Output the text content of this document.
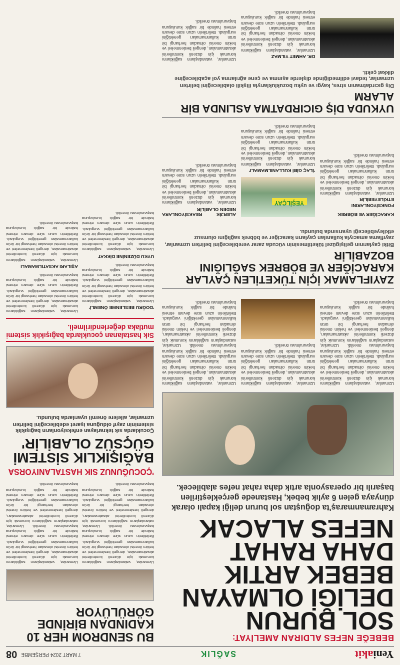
Yeniakit
SAĞLIK
7 MART 2024 PERŞEMBE
08
BEBEĞE NEFES ALDIRAN AMELİYAT:
SOL BURUN DELİĞİ OLMAYAN BEBEK ARTIK DAHA RAHAT NEFES ALACAK
Kahramanmaraş'ta doğuştan sol burun deliği kapalı olarak dünyaya gelen 6 aylık bebek, Hastanede gerçekleştirilen başarılı bir operasyonla artık daha rahat nefes alabilecek.
Uzmanlar, vatandaşların sağlıklarını korumak için düzenli kontrollerini aksatmamaları, dengeli beslenmeleri ve hekim önerisi olmadan herhangi bir ürün kullanmamaları gerektiğini vurguladı. Belirtilerin uzun süre devam etmesi halinde bir sağlık kuruluşuna başvurulması önerildi. Uzmanlar, vatandaşların sağlıklarını korumak için düzenli kontrollerini aksatmamaları, dengeli beslenmeleri ve hekim önerisi olmadan herhangi bir ürün kullanmamaları gerektiğini vurguladı. Belirtilerin uzun süre devam etmesi halinde bir sağlık kuruluşuna başvurulması önerildi.
Uzmanlar, vatandaşların sağlıklarını korumak için düzenli kontrollerini aksatmamaları, dengeli beslenmeleri ve hekim önerisi olmadan herhangi bir ürün kullanmamaları gerektiğini vurguladı. Belirtilerin uzun süre devam etmesi halinde bir sağlık kuruluşuna başvurulması önerildi.
Uzmanlar, vatandaşların sağlıklarını korumak için düzenli kontrollerini aksatmamaları, dengeli beslenmeleri ve hekim önerisi olmadan herhangi bir ürün kullanmamaları gerektiğini vurguladı. Belirtilerin uzun süre devam etmesi halinde bir sağlık kuruluşuna başvurulması önerildi. Uzmanlar, vatandaşların sağlıklarını korumak için düzenli kontrollerini aksatmamaları, dengeli beslenmeleri ve hekim önerisi olmadan herhangi bir ürün kullanmamaları gerektiğini vurguladı. Belirtilerin uzun süre devam etmesi halinde bir sağlık kuruluşuna başvurulması önerildi.
ZAYIFLAMAK İÇİN TÜKETİLEN ÇAYLAR KARACİĞER VE BÖBREK SAĞLIĞINI BOZABİLİR
Bitki çaylarının gelişigüzel tüketilmesinin vücuda zarar verebileceğini belirten uzmanlar, zayıflama amacıyla kullanılan çayların karaciğer ve böbrek sağlığını olumsuz etkileyebileceği uyarısında bulundu.
KARACİĞER VE BÖBREK
FONKSİYONLARINI ETKİLEYEBİLİR
Uzmanlar, vatandaşların sağlıklarını korumak için düzenli kontrollerini aksatmamaları, dengeli beslenmeleri ve hekim önerisi olmadan herhangi bir ürün kullanmamaları gerektiğini vurguladı. Belirtilerin uzun süre devam etmesi halinde bir sağlık kuruluşuna başvurulması önerildi.
YEŞİLÇAY
'İLAÇ GİBİ KULLANILMAMALI'
Uzmanlar, vatandaşların sağlıklarını korumak için düzenli kontrollerini aksatmamaları, dengeli beslenmeleri ve hekim önerisi olmadan herhangi bir ürün kullanmamaları gerektiğini vurguladı. Belirtilerin uzun süre devam etmesi halinde bir sağlık kuruluşuna başvurulması önerildi.
ALERJİK REAKSİYONLARA NEDEN OLABİLİR
Uzmanlar, vatandaşların sağlıklarını korumak için düzenli kontrollerini aksatmamaları, dengeli beslenmeleri ve hekim önerisi olmadan herhangi bir ürün kullanmamaları gerektiğini vurguladı. Belirtilerin uzun süre devam etmesi halinde bir sağlık kuruluşuna başvurulması önerildi.
UYKUDA DİŞ GICIRDATMA ASLINDA BİR ALARM
Diş gıcırdatmanın stres, kaygı ve uyku bozukluklarıyla ilişkili olabileceğini belirten uzmanlar, tedavi edilmediğinde dişlerde aşınma ve çene ağrılarına yol açabileceğine dikkat çekti.
DR. AHMET YILMAZ
Uzmanlar, vatandaşların sağlıklarını korumak için düzenli kontrollerini aksatmamaları, dengeli beslenmeleri ve hekim önerisi olmadan herhangi bir ürün kullanmamaları gerektiğini vurguladı. Belirtilerin uzun süre devam etmesi halinde bir sağlık kuruluşuna başvurulması önerildi.
Uzmanlar, vatandaşların sağlıklarını korumak için düzenli kontrollerini aksatmamaları, dengeli beslenmeleri ve hekim önerisi olmadan herhangi bir ürün kullanmamaları gerektiğini vurguladı. Belirtilerin uzun süre devam etmesi halinde bir sağlık kuruluşuna başvurulması önerildi.
BU SENDROM HER 10 KADINDAN BİRİNDE GÖRÜLÜYOR
Uzmanlar, vatandaşların sağlıklarını korumak için düzenli kontrollerini aksatmamaları, dengeli beslenmeleri ve hekim önerisi olmadan herhangi bir ürün kullanmamaları gerektiğini vurguladı. Belirtilerin uzun süre devam etmesi halinde bir sağlık kuruluşuna başvurulması önerildi. Uzmanlar, vatandaşların sağlıklarını korumak için düzenli kontrollerini aksatmamaları, dengeli beslenmeleri ve hekim önerisi olmadan herhangi bir ürün kullanmamaları gerektiğini vurguladı. Belirtilerin uzun süre devam etmesi halinde bir sağlık kuruluşuna başvurulması önerildi.
Uzmanlar, vatandaşların sağlıklarını korumak için düzenli kontrollerini aksatmamaları, dengeli beslenmeleri ve hekim önerisi olmadan herhangi bir ürün kullanmamaları gerektiğini vurguladı. Belirtilerin uzun süre devam etmesi halinde bir sağlık kuruluşuna başvurulması önerildi. Uzmanlar, vatandaşların sağlıklarını korumak için düzenli kontrollerini aksatmamaları, dengeli beslenmeleri ve hekim önerisi olmadan herhangi bir ürün kullanmamaları gerektiğini vurguladı. Belirtilerin uzun süre devam etmesi halinde bir sağlık kuruluşuna başvurulması önerildi.
'ÇOCUĞUNUZ SIK HASTALANIYORSA
BAĞIŞIKLIK SİSTEMİ GÜÇSÜZ OLABİLİR'
Çocuklarda sık tekrarlayan enfeksiyonların bağışıklık sisteminin zayıf olduğuna işaret edebileceğini belirten uzmanlar, ailelere önemli uyarılarda bulundu.
Sık hastalanan çocuklarda bağışıklık sistemi mutlaka değerlendirilmeli.
'DOĞRU BESLENME ÖNEMLİ'
Uzmanlar, vatandaşların sağlıklarını korumak için düzenli kontrollerini aksatmamaları, dengeli beslenmeleri ve hekim önerisi olmadan herhangi bir ürün kullanmamaları gerektiğini vurguladı. Belirtilerin uzun süre devam etmesi halinde bir sağlık kuruluşuna başvurulması önerildi.
UYKU DÜZENİNE DİKKAT
Uzmanlar, vatandaşların sağlıklarını korumak için düzenli kontrollerini aksatmamaları, dengeli beslenmeleri ve hekim önerisi olmadan herhangi bir ürün kullanmamaları gerektiğini vurguladı. Belirtilerin uzun süre devam etmesi halinde bir sağlık kuruluşuna başvurulması önerildi.
Uzmanlar, vatandaşların sağlıklarını korumak için düzenli kontrollerini aksatmamaları, dengeli beslenmeleri ve hekim önerisi olmadan herhangi bir ürün kullanmamaları gerektiğini vurguladı. Belirtilerin uzun süre devam etmesi halinde bir sağlık kuruluşuna başvurulması önerildi.
AŞILARI AKSATILMAMALI
Uzmanlar, vatandaşların sağlıklarını korumak için düzenli kontrollerini aksatmamaları, dengeli beslenmeleri ve hekim önerisi olmadan herhangi bir ürün kullanmamaları gerektiğini vurguladı. Belirtilerin uzun süre devam etmesi halinde bir sağlık kuruluşuna başvurulması önerildi.
